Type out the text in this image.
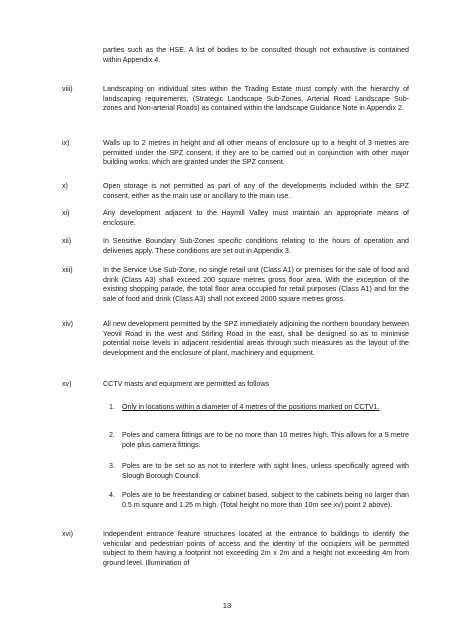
parties such as the HSE. A list of bodies to be consulted though not exhaustive is contained within Appendix 4.

viii)	Landscaping on individual sites within the Trading Estate must comply with the hierarchy of landscaping requirements, (Strategic Landscape Sub-Zones, Arterial Road Landscape Sub-zones and Non-arterial Roads) as contained within the landscape Guidance Note in Appendix 2.

ix)	Walls up to 2 metres in height and all other means of enclosure up to a height of 3 metres are permitted under the SPZ consent, if they are to be carried out in conjunction with other major building works, which are granted under the SPZ consent.

x)	Open storage is not permitted as part of any of the developments included within the SPZ consent, either as the main use or ancillary to the main use.

xi)	Any development adjacent to the Haymill Valley must maintain an appropriate means of enclosure.

xii)	In Sensitive Boundary Sub-Zones specific conditions relating to the hours of operation and deliveries apply. These conditions are set out in Appendix 3.

xiii)	In the Service Use Sub-Zone, no single retail unit (Class A1) or premises for the sale of food and drink (Class A3) shall exceed 200 square metres gross floor area. With the exception of the existing shopping parade, the total floor area occupied for retail purposes (Class A1) and for the sale of food and drink (Class A3) shall not exceed 2000 square metres gross.

xiv)	All new development permitted by the SPZ immediately adjoining the northern boundary between Yeovil Road in the west and Stirling Road in the east, shall be designed so as to minimise potential noise levels in adjacent residential areas through such measures as the layout of the development and the enclosure of plant, machinery and equipment.

xv)	CCTV masts and equipment are permitted as follows

1. Only in locations within a diameter of 4 metres of the positions marked on CCTV1.

2. Poles and camera fittings are to be no more than 10 metres high. This allows for a 9 metre pole plus camera fittings.

3. Poles are to be set so as not to interfere with sight lines, unless specifically agreed with Slough Borough Council.

4. Poles are to be freestanding or cabinet based, subject to the cabinets being no larger than 0.5 m square and 1.25 m high. (Total height no more than 10m see xv) point 2 above).

xvi)	Independent entrance feature structures located at the entrance to buildings to identify the vehicular and pedestrian points of access and the identity of the occupiers will be permitted subject to them having a footprint not exceeding 2m x 2m and a height not exceeding 4m from ground level. Illumination of

13
